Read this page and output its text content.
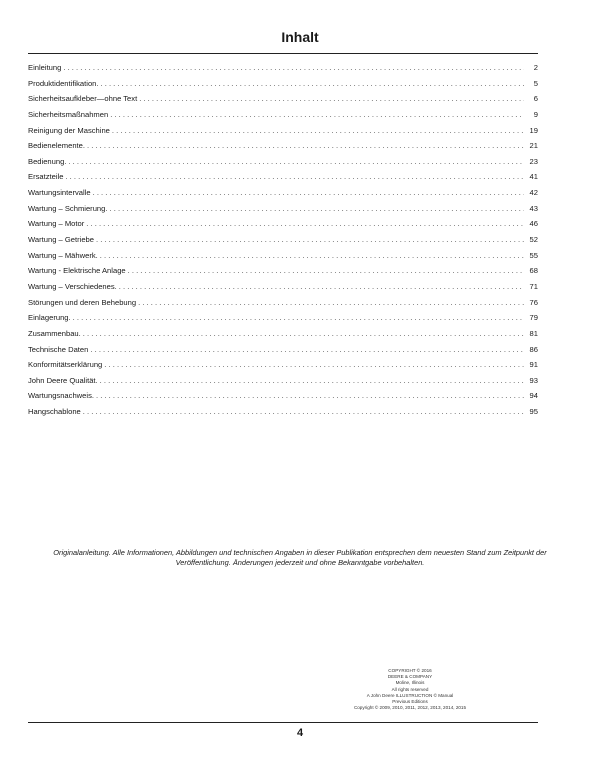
Inhalt
Einleitung . . .	2
Produktidentifikation. . . .	5
Sicherheitsaufkleber—ohne Text . . .	6
Sicherheitsmaßnahmen . . .	9
Reinigung der Maschine . . .	19
Bedienelemente. . . .	21
Bedienung. . . .	23
Ersatzteile . . .	41
Wartungsintervalle . . .	42
Wartung – Schmierung. . . .	43
Wartung – Motor . . .	46
Wartung – Getriebe . . .	52
Wartung – Mähwerk. . . .	55
Wartung - Elektrische Anlage . . .	68
Wartung – Verschiedenes. . . .	71
Störungen und deren Behebung . . .	76
Einlagerung. . . .	79
Zusammenbau. . . .	81
Technische Daten . . .	86
Konformitätserklärung . . .	91
John Deere Qualität. . . .	93
Wartungsnachweis. . . .	94
Hangschablone . . .	95
Originalanleitung. Alle Informationen, Abbildungen und technischen Angaben in dieser Publikation entsprechen dem neuesten Stand zum Zeitpunkt der Veröffentlichung. Änderungen jederzeit und ohne Bekanntgabe vorbehalten.
COPYRIGHT © 2016
DEERE & COMPANY
Moline, Illinois
All rights reserved
A John Deere ILLUSTRUCTION © Manual
Previous Editions
Copyright © 2009, 2010, 2011, 2012, 2013, 2014, 2015
4
